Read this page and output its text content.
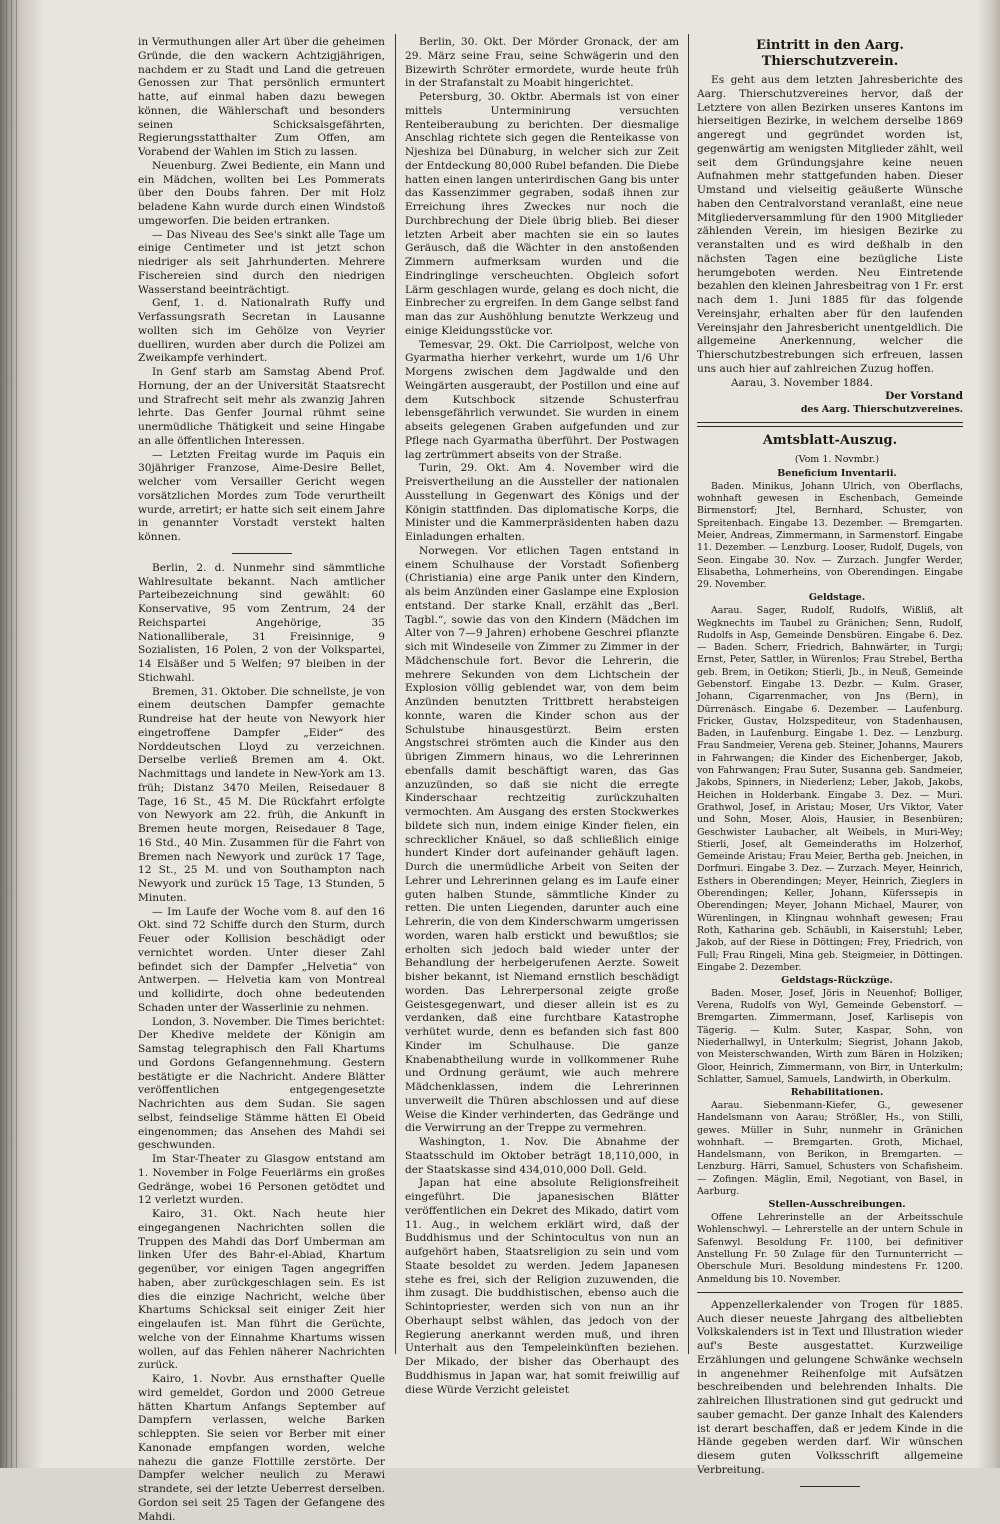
in Vermuthungen aller Art über die geheimen Gründe, die den wackern Achtzigjährigen, nachdem er zu Stadt und Land die getreuen Genossen zur That persönlich ermuntert hatte, auf einmal haben dazu bewegen können, die Wählerschaft und besonders seinen Schicksalsgefährten, Regierungsstatthalter Zum Offen, am Vorabend der Wahlen im Stich zu lassen.

Neuenburg. Zwei Bediente, ein Mann und ein Mädchen, wollten bei Les Pommerats über den Doubs fahren. Der mit Holz beladene Kahn wurde durch einen Windstoß umgeworfen. Die beiden ertranken.

— Das Niveau des See's sinkt alle Tage um einige Centimeter und ist jetzt schon niedriger als seit Jahrhunderten. Mehrere Fischereien sind durch den niedrigen Wasserstand beeinträchtigt.

Genf, 1. d. Nationalrath Ruffy und Verfassungsrath Secretan in Lausanne wollten sich im Gehölze von Veyrier duelliren, wurden aber durch die Polizei am Zweikampfe verhindert.

In Genf starb am Samstag Abend Prof. Hornung, der an der Universität Staatsrecht und Strafrecht seit mehr als zwanzig Jahren lehrte. Das Genfer Journal rühmt seine unermüdliche Thätigkeit und seine Hingabe an alle öffentlichen Interessen.

— Letzten Freitag wurde im Paquis ein 30jähriger Franzose, Aime-Desire Bellet, welcher vom Versailler Gericht wegen vorsätzlichen Mordes zum Tode verurtheilt wurde, arretirt; er hatte sich seit einem Jahre in genannter Vorstadt verstekt halten können.

Berlin, 2. d. Nunmehr sind sämmtliche Wahlresultate bekannt. Nach amtlicher Parteibezeichnung sind gewählt: 60 Konservative, 95 vom Zentrum, 24 der Reichspartei Angehörige, 35 Nationalliberale, 31 Freisinnige, 9 Sozialisten, 16 Polen, 2 von der Volkspartei, 14 Elsäßer und 5 Welfen; 97 bleiben in der Stichwahl.

Bremen, 31. Oktober. Die schnellste, je von einem deutschen Dampfer gemachte Rundreise hat der heute von Newyork hier eingetroffene Dampfer „Eider“ des Norddeutschen Lloyd zu verzeichnen. Derselbe verließ Bremen am 4. Okt. Nachmittags und landete in New-York am 13. früh; Distanz 3470 Meilen, Reisedauer 8 Tage, 16 St., 45 M. Die Rückfahrt erfolgte von Newyork am 22. früh, die Ankunft in Bremen heute morgen, Reisedauer 8 Tage, 16 Std., 40 Min. Zusammen für die Fahrt von Bremen nach Newyork und zurück 17 Tage, 12 St., 25 M. und von Southampton nach Newyork und zurück 15 Tage, 13 Stunden, 5 Minuten.

— Im Laufe der Woche vom 8. auf den 16 Okt. sind 72 Schiffe durch den Sturm, durch Feuer oder Kollision beschädigt oder vernichtet worden. Unter dieser Zahl befindet sich der Dampfer „Helvetia“ von Antwerpen. — Helvetia kam von Montreal und kollidirte, doch ohne bedeutenden Schaden unter der Wasserlinie zu nehmen.

London, 3. November. Die Times berichtet: Der Khedive meldete der Königin am Samstag telegraphisch den Fall Khartums und Gordons Gefangennehmung. Gestern bestätigte er die Nachricht. Andere Blätter veröffentlichen entgegengesetzte Nachrichten aus dem Sudan. Sie sagen selbst, feindselige Stämme hätten El Obeid eingenommen; das Ansehen des Mahdi sei geschwunden.

Im Star-Theater zu Glasgow entstand am 1. November in Folge Feuerlärms ein großes Gedränge, wobei 16 Personen getödtet und 12 verletzt wurden.

Kairo, 31. Okt. Nach heute hier eingegangenen Nachrichten sollen die Truppen des Mahdi das Dorf Umberman am linken Ufer des Bahr-el-Abiad, Khartum gegenüber, vor einigen Tagen angegriffen haben, aber zurückgeschlagen sein. Es ist dies die einzige Nachricht, welche über Khartums Schicksal seit einiger Zeit hier eingelaufen ist. Man führt die Gerüchte, welche von der Einnahme Khartums wissen wollen, auf das Fehlen näherer Nachrichten zurück.

Kairo, 1. Novbr. Aus ernsthafter Quelle wird gemeldet, Gordon und 2000 Getreue hätten Khartum Anfangs September auf Dampfern verlassen, welche Barken schleppten. Sie seien vor Berber mit einer Kanonade empfangen worden, welche nahezu die ganze Flottille zerstörte. Der Dampfer welcher neulich zu Merawi strandete, sei der letzte Ueberrest derselben. Gordon sei seit 25 Tagen der Gefangene des Mahdi.

Berlin, 30. Okt. Der Mörder Gronack, der am 29. März seine Frau, seine Schwägerin und den Bizewirth Schröter ermordete, wurde heute früh in der Strafanstalt zu Moabit hingerichtet.

Petersburg, 30. Oktbr. Abermals ist von einer mittels Unterminirung versuchten Renteiberaubung zu berichten. Der diesmalige Anschlag richtete sich gegen die Renteikasse von Njeshiza bei Dünaburg, in welcher sich zur Zeit der Entdeckung 80,000 Rubel befanden. Die Diebe hatten einen langen unterirdischen Gang bis unter das Kassenzimmer gegraben, sodaß ihnen zur Erreichung ihres Zweckes nur noch die Durchbrechung der Diele übrig blieb. Bei dieser letzten Arbeit aber machten sie ein so lautes Geräusch, daß die Wächter in den anstoßenden Zimmern aufmerksam wurden und die Eindringlinge verscheuchten. Obgleich sofort Lärm geschlagen wurde, gelang es doch nicht, die Einbrecher zu ergreifen. In dem Gange selbst fand man das zur Aushöhlung benutzte Werkzeug und einige Kleidungsstücke vor.

Temesvar, 29. Okt. Die Carriolpost, welche von Gyarmatha hierher verkehrt, wurde um 1/6 Uhr Morgens zwischen dem Jagdwalde und den Weingärten ausgeraubt, der Postillon und eine auf dem Kutschbock sitzende Schusterfrau lebensgefährlich verwundet. Sie wurden in einem abseits gelegenen Graben aufgefunden und zur Pflege nach Gyarmatha überführt. Der Postwagen lag zertrümmert abseits von der Straße.

Turin, 29. Okt. Am 4. November wird die Preisvertheilung an die Aussteller der nationalen Ausstellung in Gegenwart des Königs und der Königin stattfinden. Das diplomatische Korps, die Minister und die Kammerpräsidenten haben dazu Einladungen erhalten.

Norwegen. Vor etlichen Tagen entstand in einem Schulhause der Vorstadt Sofienberg (Christiania) eine arge Panik unter den Kindern, als beim Anzünden einer Gaslampe eine Explosion entstand. Der starke Knall, erzählt das „Berl. Tagbl.“, sowie das von den Kindern (Mädchen im Alter von 7—9 Jahren) erhobene Geschrei pflanzte sich mit Windeseile von Zimmer zu Zimmer in der Mädchenschule fort. Bevor die Lehrerin, die mehrere Sekunden von dem Lichtschein der Explosion völlig geblendet war, von dem beim Anzünden benutzten Trittbrett herabsteigen konnte, waren die Kinder schon aus der Schulstube hinausgestürzt. Beim ersten Angstschrei strömten auch die Kinder aus den übrigen Zimmern hinaus, wo die Lehrerinnen ebenfalls damit beschäftigt waren, das Gas anzuzünden, so daß sie nicht die erregte Kinderschaar rechtzeitig zurückzuhalten vermochten. Am Ausgang des ersten Stockwerkes bildete sich nun, indem einige Kinder fielen, ein schrecklicher Knäuel, so daß schließlich einige hundert Kinder dort aufeinander gehäuft lagen. Durch die unermüdliche Arbeit von Seiten der Lehrer und Lehrerinnen gelang es im Laufe einer guten halben Stunde, sämmtliche Kinder zu retten. Die unten Liegenden, darunter auch eine Lehrerin, die von dem Kinderschwarm umgerissen worden, waren halb erstickt und bewußtlos; sie erholten sich jedoch bald wieder unter der Behandlung der herbeigerufenen Aerzte. Soweit bisher bekannt, ist Niemand ernstlich beschädigt worden. Das Lehrerpersonal zeigte große Geistesgegenwart, und dieser allein ist es zu verdanken, daß eine furchtbare Katastrophe verhütet wurde, denn es befanden sich fast 800 Kinder im Schulhause. Die ganze Knabenabtheilung wurde in vollkommener Ruhe und Ordnung geräumt, wie auch mehrere Mädchenklassen, indem die Lehrerinnen unverweilt die Thüren abschlossen und auf diese Weise die Kinder verhinderten, das Gedränge und die Verwirrung an der Treppe zu vermehren.

Washington, 1. Nov. Die Abnahme der Staatsschuld im Oktober beträgt 18,110,000, in der Staatskasse sind 434,010,000 Doll. Geld.

Japan hat eine absolute Religionsfreiheit eingeführt. Die japanesischen Blätter veröffentlichen ein Dekret des Mikado, datirt vom 11. Aug., in welchem erklärt wird, daß der Buddhismus und der Schintocultus von nun an aufgehört haben, Staatsreligion zu sein und vom Staate besoldet zu werden. Jedem Japanesen stehe es frei, sich der Religion zuzuwenden, die ihm zusagt. Die buddhistischen, ebenso auch die Schintopriester, werden sich von nun an ihr Oberhaupt selbst wählen, das jedoch von der Regierung anerkannt werden muß, und ihren Unterhalt aus den Tempeleinkünften beziehen. Der Mikado, der bisher das Oberhaupt des Buddhismus in Japan war, hat somit freiwillig auf diese Würde Verzicht geleistet

Eintritt in den Aarg. Thierschutzverein.

Es geht aus dem letzten Jahresberichte des Aarg. Thierschutzvereines hervor, daß der Letztere von allen Bezirken unseres Kantons im hierseitigen Bezirke, in welchem derselbe 1869 angeregt und gegründet worden ist, gegenwärtig am wenigsten Mitglieder zählt, weil seit dem Gründungsjahre keine neuen Aufnahmen mehr stattgefunden haben. Dieser Umstand und vielseitig geäußerte Wünsche haben den Centralvorstand veranlaßt, eine neue Mitgliederversammlung für den 1900 Mitglieder zählenden Verein, im hiesigen Bezirke zu veranstalten und es wird deßhalb in den nächsten Tagen eine bezügliche Liste herumgeboten werden. Neu Eintretende bezahlen den kleinen Jahresbeitrag von 1 Fr. erst nach dem 1. Juni 1885 für das folgende Vereinsjahr, erhalten aber für den laufenden Vereinsjahr den Jahresbericht unentgeldlich. Die allgemeine Anerkennung, welcher die Thierschutzbestrebungen sich erfreuen, lassen uns auch hier auf zahlreichen Zuzug hoffen.

Aarau, 3. November 1884.

Der Vorstand

des Aarg. Thierschutzvereines.

Amtsblatt-Auszug.

(Vom 1. Novmbr.)

Beneficium Inventarii.

Baden. Minikus, Johann Ulrich, von Oberflachs, wohnhaft gewesen in Eschenbach, Gemeinde Birmenstorf; Jtel, Bernhard, Schuster, von Spreitenbach. Eingabe 13. Dezember. — Bremgarten. Meier, Andreas, Zimmermann, in Sarmenstorf. Eingabe 11. Dezember. — Lenzburg. Looser, Rudolf, Dugels, von Seon. Eingabe 30. Nov. — Zurzach. Jungfer Werder, Elisabetha, Lohmerheins, von Oberendingen. Eingabe 29. November.

Geldstage.

Aarau. Sager, Rudolf, Rudolfs, Wißliß, alt Wegknechts im Taubel zu Gränichen; Senn, Rudolf, Rudolfs in Asp, Gemeinde Densbüren. Eingabe 6. Dez. — Baden. Scherr, Friedrich, Bahnwärter, in Turgi; Ernst, Peter, Sattler, in Würenlos; Frau Strebel, Bertha geb. Brem, in Oetikon; Stierli, Jb., in Neuß, Gemeinde Gebenstorf. Eingabe 13. Dezbr. — Kulm. Graser, Johann, Cigarrenmacher, von Jns (Bern), in Dürrenäsch. Eingabe 6. Dezember. — Laufenburg. Fricker, Gustav, Holzspediteur, von Stadenhausen, Baden, in Laufenburg. Eingabe 1. Dez. — Lenzburg. Frau Sandmeier, Verena geb. Steiner, Johanns, Maurers in Fahrwangen; die Kinder des Eichenberger, Jakob, von Fahrwangen; Frau Suter, Susanna geb. Sandmeier, Jakobs, Spinners, in Niederlenz; Leber, Jakob, Jakobs, Heichen in Holderbank. Eingabe 3. Dez. — Muri. Grathwol, Josef, in Aristau; Moser, Urs Viktor, Vater und Sohn, Moser, Alois, Hausier, in Besenbüren; Geschwister Laubacher, alt Weibels, in Muri-Wey; Stierli, Josef, alt Gemeinderaths im Holzerhof, Gemeinde Aristau; Frau Meier, Bertha geb. Jneichen, in Dorfmuri. Eingabe 3. Dez. — Zurzach. Meyer, Heinrich, Esthers in Oberendingen; Meyer, Heinrich, Zieglers in Oberendingen; Keller, Johann, Küferssepis in Oberendingen; Meyer, Johann Michael, Maurer, von Würenlingen, in Klingnau wohnhaft gewesen; Frau Roth, Katharina geb. Schäubli, in Kaiserstuhl; Leber, Jakob, auf der Riese in Döttingen; Frey, Friedrich, von Full; Frau Ringeli, Mina geb. Steigmeier, in Döttingen. Eingabe 2. Dezember.

Geldstags-Rückzüge.

Baden. Moser, Josef, Jöris in Neuenhof; Bolliger, Verena, Rudolfs von Wyl, Gemeinde Gebenstorf. — Bremgarten. Zimmermann, Josef, Karlisepis von Tägerig. — Kulm. Suter, Kaspar, Sohn, von Niederhallwyl, in Unterkulm; Siegrist, Johann Jakob, von Meisterschwanden, Wirth zum Bären in Holziken; Gloor, Heinrich, Zimmermann, von Birr, in Unterkulm; Schlatter, Samuel, Samuels, Landwirth, in Oberkulm.

Rehabilitationen.

Aarau. Siebenmann-Kiefer, G., gewesener Handelsmann von Aarau; Strößler, Hs., von Stilli, gewes. Müller in Suhr, nunmehr in Gränichen wohnhaft. — Bremgarten. Groth, Michael, Handelsmann, von Berikon, in Bremgarten. — Lenzburg. Härri, Samuel, Schusters von Schafisheim. — Zofingen. Mäglin, Emil, Negotiant, von Basel, in Aarburg.

Stellen-Ausschreibungen.

Offene Lehrerinstelle an der Arbeitsschule Wohlenschwyl. — Lehrerstelle an der untern Schule in Safenwyl. Besoldung Fr. 1100, bei definitiver Anstellung Fr. 50 Zulage für den Turnunterricht — Oberschule Muri. Besoldung mindestens Fr. 1200. Anmeldung bis 10. November.

Appenzellerkalender von Trogen für 1885. Auch dieser neueste Jahrgang des altbeliebten Volkskalenders ist in Text und Illustration wieder auf's Beste ausgestattet. Kurzweilige Erzählungen und gelungene Schwänke wechseln in angenehmer Reihenfolge mit Aufsätzen beschreibenden und belehrenden Inhalts. Die zahlreichen Illustrationen sind gut gedruckt und sauber gemacht. Der ganze Inhalt des Kalenders ist derart beschaffen, daß er jedem Kinde in die Hände gegeben werden darf. Wir wünschen diesem guten Volksschrift allgemeine Verbreitung.
